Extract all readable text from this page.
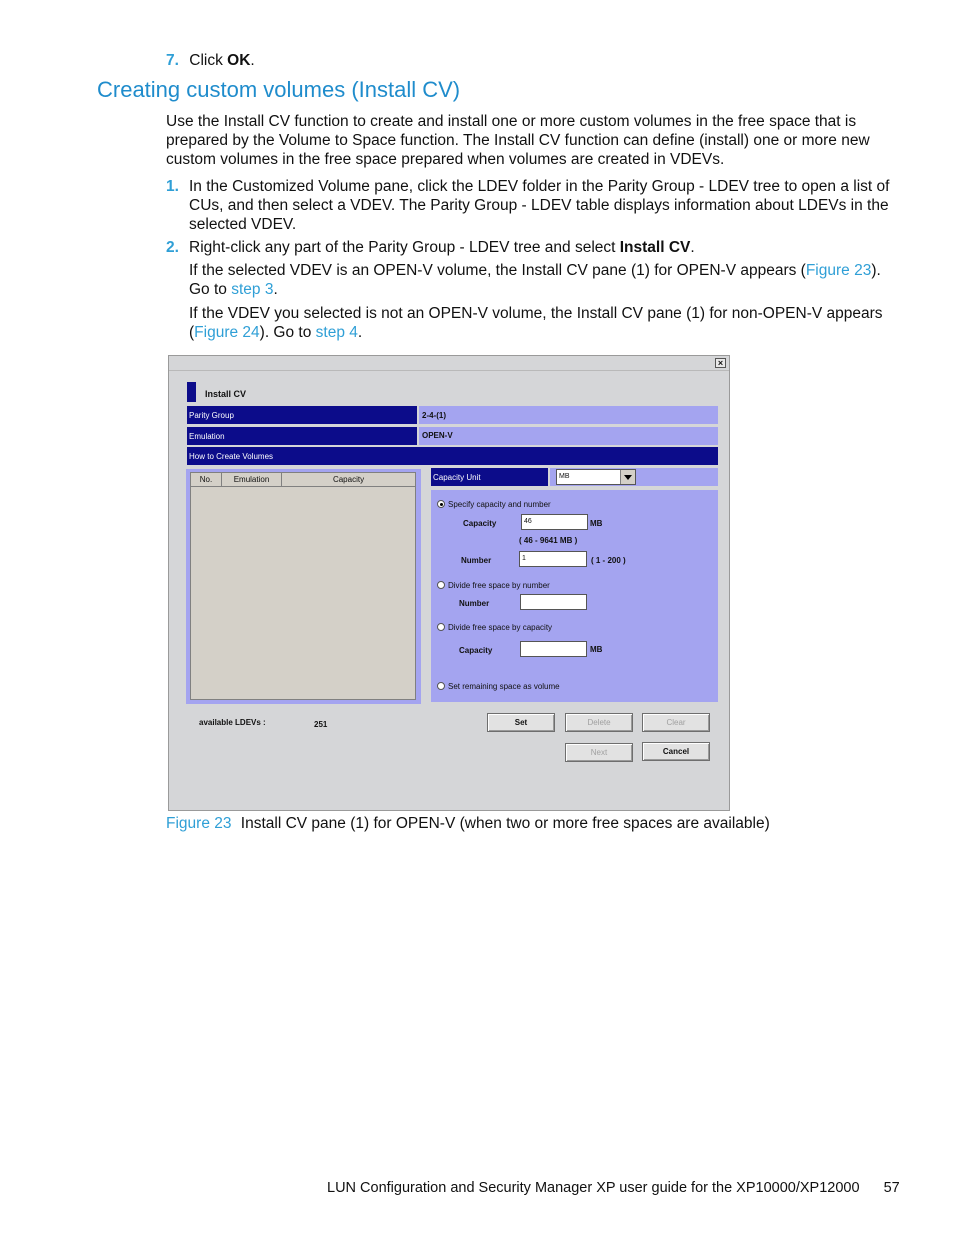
7. Click OK.
Creating custom volumes (Install CV)
Use the Install CV function to create and install one or more custom volumes in the free space that is
prepared by the Volume to Space function. The Install CV function can define (install) one or more new
custom volumes in the free space prepared when volumes are created in VDEVs.
1. In the Customized Volume pane, click the LDEV folder in the Parity Group - LDEV tree to open a list of
CUs, and then select a VDEV. The Parity Group - LDEV table displays information about LDEVs in the
selected VDEV.
2. Right-click any part of the Parity Group - LDEV tree and select Install CV.
If the selected VDEV is an OPEN-V volume, the Install CV pane (1) for OPEN-V appears (Figure 23).
Go to step 3.
If the VDEV you selected is not an OPEN-V volume, the Install CV pane (1) for non-OPEN-V appears
(Figure 24). Go to step 4.
×
Install CV
Parity Group	2-4-(1)
Emulation	OPEN-V
How to Create Volumes
No.	Emulation	Capacity	Capacity Unit	MB
Specify capacity and number
Capacity	46	MB
( 46 - 9641 MB )
Number	1	( 1 - 200 )
Divide free space by number
Number
Divide free space by capacity
Capacity	MB
Set remaining space as volume
available LDEVs :	251	Set	Delete	Clear
Next	Cancel
Figure 23 Install CV pane (1) for OPEN-V (when two or more free spaces are available)
LUN Configuration and Security Manager XP user guide for the XP10000/XP12000 57
